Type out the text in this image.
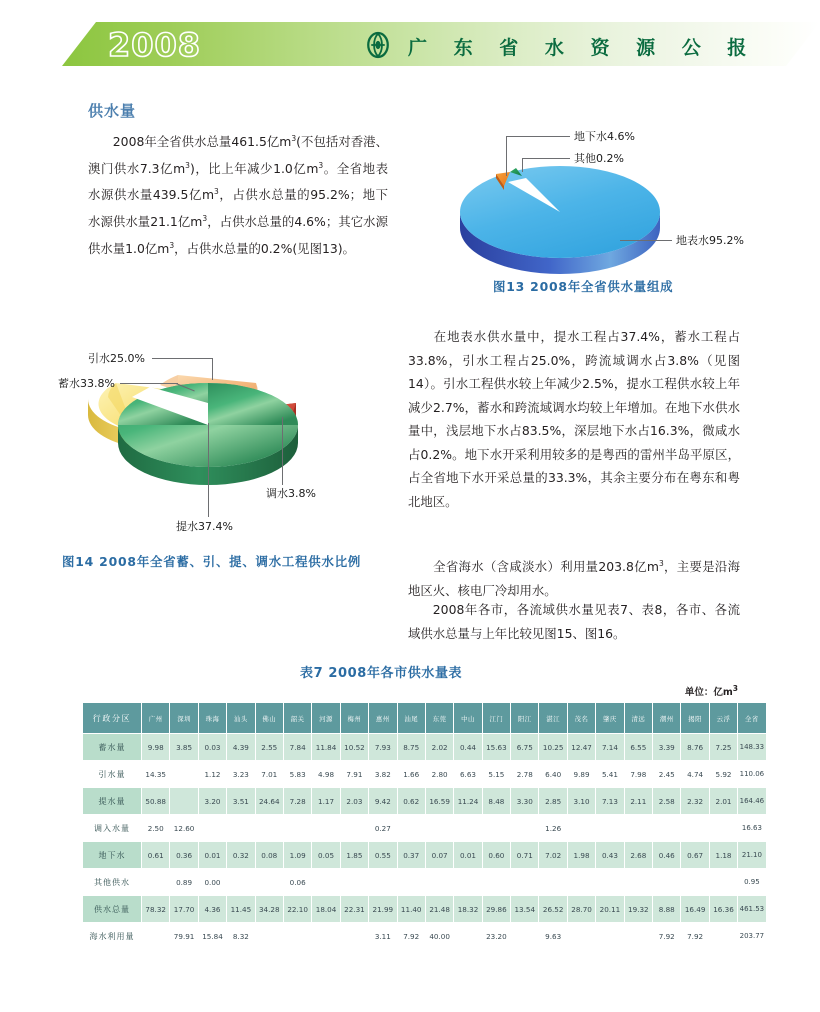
2008	广 东 省 水 资 源 公 报
供水量
2008年全省供水总量461.5亿$m^3$(不包括对香港、澳门供水7.3亿$m^3$)，比上年减少1.0亿$m^3$。全省地表水源供水量439.5亿$m^3$，占供水总量的95.2%；地下水源供水量21.1亿$m^3$，占供水总量的4.6%；其它水源供水量1.0亿$m^3$，占供水总量的0.2%(见图13)。
地下水4.6%
其他0.2%
地表水95.2%
图13 2008年全省供水量组成
在地表水供水量中，提水工程占37.4%，蓄水工程占33.8%，引水工程占25.0%，跨流域调水占3.8%（见图14）。引水工程供水较上年减少2.5%，提水工程供水较上年减少2.7%，蓄水和跨流域调水均较上年增加。在地下水供水量中，浅层地下水占83.5%，深层地下水占16.3%，微咸水占0.2%。地下水开采利用较多的是粤西的雷州半岛平原区，占全省地下水开采总量的33.3%，其余主要分布在粤东和粤北地区。
引水25.0%
蓄水33.8%
调水3.8%
提水37.4%
图14 2008年全省蓄、引、提、调水工程供水比例	全省海水（含咸淡水）利用量203.8亿$m^3$，主要是沿海地区火、核电厂冷却用水。
2008年各市，各流域供水量见表7、表8，各市、各流域供水总量与上年比较见图15、图16。
表7 2008年各市供水量表
单位：亿$m^3$
行政分区	广州	深圳	珠海	汕头	佛山	韶关	河源	梅州	惠州	汕尾	东莞	中山	江门	阳江	湛江	茂名	肇庆	清远	潮州	揭阳	云浮	全省
蓄水量	9.98	3.85	0.03	4.39	2.55	7.84	11.84	10.52	7.93	8.75	2.02	0.44	15.63	6.75	10.25	12.47	7.14	6.55	3.39	8.76	7.25	148.33
引水量	14.35		1.12	3.23	7.01	5.83	4.98	7.91	3.82	1.66	2.80	6.63	5.15	2.78	6.40	9.89	5.41	7.98	2.45	4.74	5.92	110.06
提水量	50.88		3.20	3.51	24.64	7.28	1.17	2.03	9.42	0.62	16.59	11.24	8.48	3.30	2.85	3.10	7.13	2.11	2.58	2.32	2.01	164.46
调入水量	2.50	12.60							0.27						1.26							16.63
地下水	0.61	0.36	0.01	0.32	0.08	1.09	0.05	1.85	0.55	0.37	0.07	0.01	0.60	0.71	7.02	1.98	0.43	2.68	0.46	0.67	1.18	21.10
其他供水		0.89	0.00			0.06																0.95
供水总量	78.32	17.70	4.36	11.45	34.28	22.10	18.04	22.31	21.99	11.40	21.48	18.32	29.86	13.54	26.52	28.70	20.11	19.32	8.88	16.49	16.36	461.53
海水利用量		79.91	15.84	8.32					3.11	7.92	40.00		23.20		9.63				7.92	7.92		203.77
